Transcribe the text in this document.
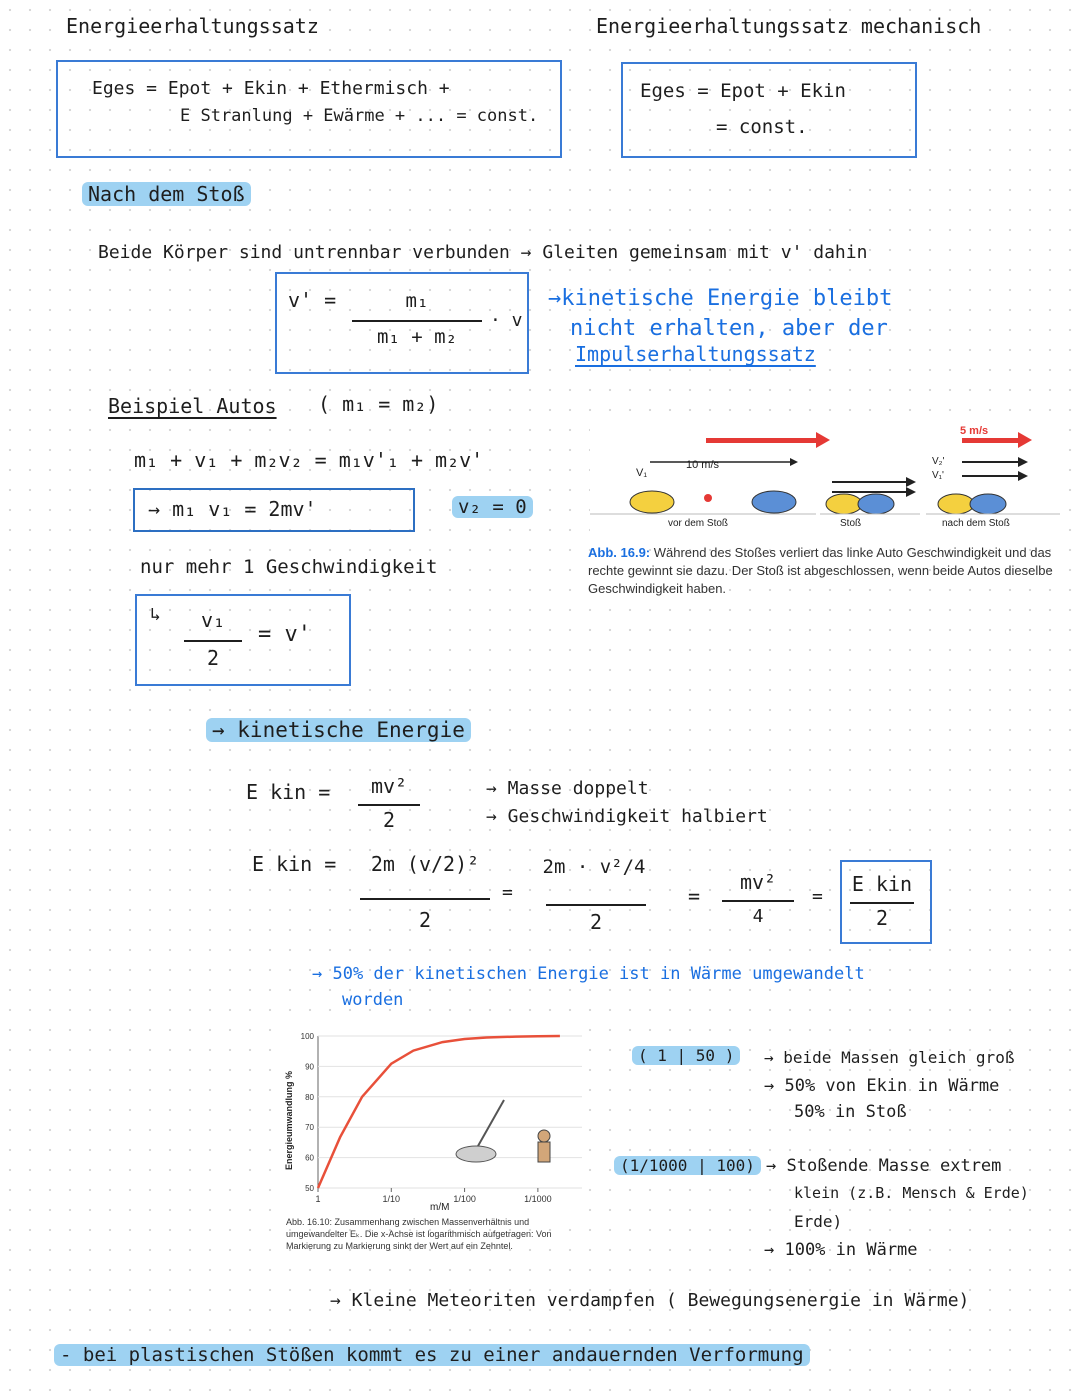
Energieerhaltungssatz	Energieerhaltungssatz mechanisch
Eges = Epot + Ekin + Ethermisch +
E Stranlung + Ewärme + ... = const.
Eges = Epot + Ekin
= const.
Nach dem Stoß
Beide Körper sind untrennbar verbunden → Gleiten gemeinsam mit v' dahin
v' =	m₁
m₁ + m₂
· v
→kinetische Energie bleibt
nicht erhalten, aber der
Impulserhaltungssatz
Beispiel Autos ( m₁ = m₂)
m₁ + v₁ + m₂v₂ = m₁v'₁ + m₂v'
→ m₁ v₁ = 2mv'	v₂ = 0
nur mehr 1 Geschwindigkeit
↳	v₁
2
= v'
V₁
10 m/s
vor dem Stoß	Stoß
5 m/s
V₂'
V₁'
nach dem Stoß
Abb. 16.9: Während des Stoßes verliert das linke Auto Geschwindigkeit und das rechte gewinnt sie dazu. Der Stoß ist abgeschlossen, wenn beide Autos dieselbe Geschwindigkeit haben.
→ kinetische Energie
E kin =	mv²
2
→ Masse doppelt
→ Geschwindigkeit halbiert
E kin =	2m (v/2)²
2
=
2m · v²/4
2
=
mv²
4
=
E kin
2
→ 50% der kinetischen Energie ist in Wärme umgewandelt
worden
50
60
70
80
90
100
1	1/10	1/100	1/1000
Energieumwandlung %
m/M
Abb. 16.10: Zusammenhang zwischen Massenverhältnis und umgewandelter Eₖ. Die x-Achse ist logarithmisch aufgetragen: Von Markierung zu Markierung sinkt der Wert auf ein Zehntel.
( 1 | 50 )	→ beide Massen gleich groß
→ 50% von Ekin in Wärme
50% in Stoß
(1/1000 | 100) → Stoßende Masse extrem
klein (z.B. Mensch & Erde)
Erde)
→ 100% in Wärme
→ Kleine Meteoriten verdampfen ( Bewegungsenergie in Wärme)
- bei plastischen Stößen kommt es zu einer andauernden Verformung
